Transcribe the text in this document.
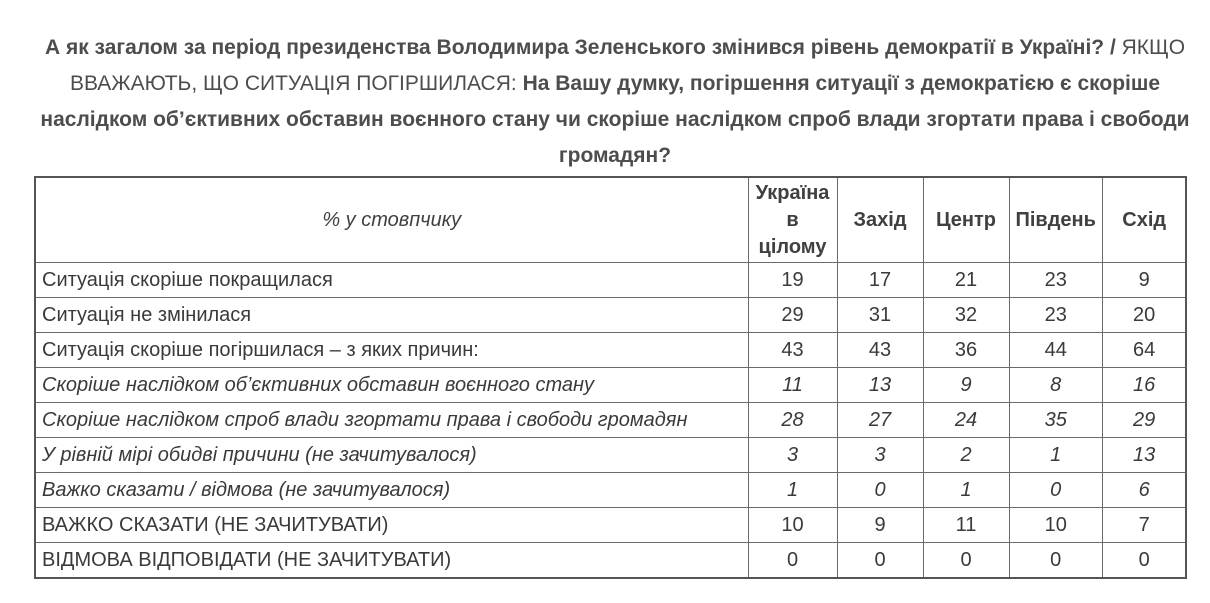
А як загалом за період президенства Володимира Зеленського змінився рівень демократії в Україні? / ЯКЩО ВВАЖАЮТЬ, ЩО СИТУАЦІЯ ПОГІРШИЛАСЯ: На Вашу думку, погіршення ситуації з демократією є скоріше наслідком об’єктивних обставин воєнного стану чи скоріше наслідком спроб влади згортати права і свободи громадян?
% у стовпчику	Україна в цілому	Захід	Центр	Південь	Схід
Ситуація скоріше покращилася	19	17	21	23	9
Ситуація не змінилася	29	31	32	23	20
Ситуація скоріше погіршилася – з яких причин:	43	43	36	44	64
Скоріше наслідком об’єктивних обставин воєнного стану	11	13	9	8	16
Скоріше наслідком спроб влади згортати права і свободи громадян	28	27	24	35	29
У рівній мірі обидві причини (не зачитувалося)	3	3	2	1	13
Важко сказати / відмова (не зачитувалося)	1	0	1	0	6
ВАЖКО СКАЗАТИ (НЕ ЗАЧИТУВАТИ)	10	9	11	10	7
ВІДМОВА ВІДПОВІДАТИ (НЕ ЗАЧИТУВАТИ)	0	0	0	0	0
